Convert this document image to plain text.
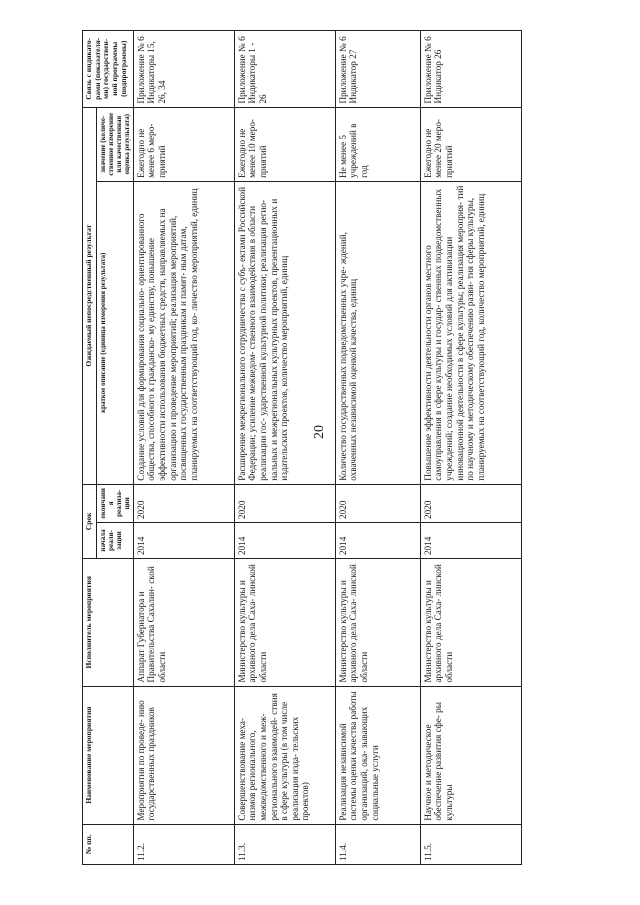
20
№ пп.	Наименование мероприятия	Исполнитель мероприятия	Срок		Ожидаемый непосредственный результат		Связь с индикато- рами (показателя- ми) государствен- ной программы (подпрограммы)
			начала реали- зации	окончания реализа- ции	краткое описание (единица измерения результата)	значение (количе- ственное измерение или качественная оценка результата)	
11.2.	Мероприятия по проведе- нию государственных праздников	Аппарат Губернатора и Правительства Сахалин- ской области	2014	2020	Создание условий для формирования социально- ориентированного общества, способного к гражданско- му единству, повышение эффективности использования бюджетных средств, направляемых на организацию и проведение мероприятий; реализация мероприятий, посвященных государственным праздникам и памят- ным датам, планируемых на соответствующий год, ко- личество мероприятий, единиц	Ежегодно не менее 6 меро- приятий	Приложение № 6 Индикаторы 15, 26, 34
11.3.	Совершенствование меха- низмов регионального, межведомственного и меж- регионального взаимодей- ствия в сфере культуры (в том числе реализация изда- тельских проектов)	Министерство культуры и архивного дела Саха- линской области	2014	2020	Расширение межрегионального сотрудничества с субъ- ектами Российской Федерации; усиление межведом- ственного взаимодействия в области реализации гос- ударственной культурной политики; реализация регио- нальных и межрегиональных культурных проектов, презентационных и издательских проектов, количество мероприятий, единиц	Ежегодно не менее 10 меро- приятий	Приложение № 6 Индикаторы 1 - 26
11.4.	Реализация независимой системы оценки качества работы организаций, ока- зывающих социальные услуги	Министерство культуры и архивного дела Саха- линской области	2014	2020	Количество государственных подведомственных учре- ждений, охваченных независимой оценкой качества, единиц	Не менее 5 учреждений в год	Приложение № 6 Индикатор 27
11.5.	Научное и методическое обеспечение развития сфе- ры культуры	Министерство культуры и архивного дела Саха- линской области	2014	2020	Повышение эффективности деятельности органов местного самоуправления в сфере культуры и государ- ственных подведомственных учреждений; создание необходимых условий для активизации инновационной деятельности в сфере культуры; реализация мероприя- тий по научному и методическому обеспечению разви- тия сферы культуры, планируемых на соответствующий год, количество мероприятий, единиц	Ежегодно не менее 20 меро- приятий	Приложение № 6 Индикатор 26
